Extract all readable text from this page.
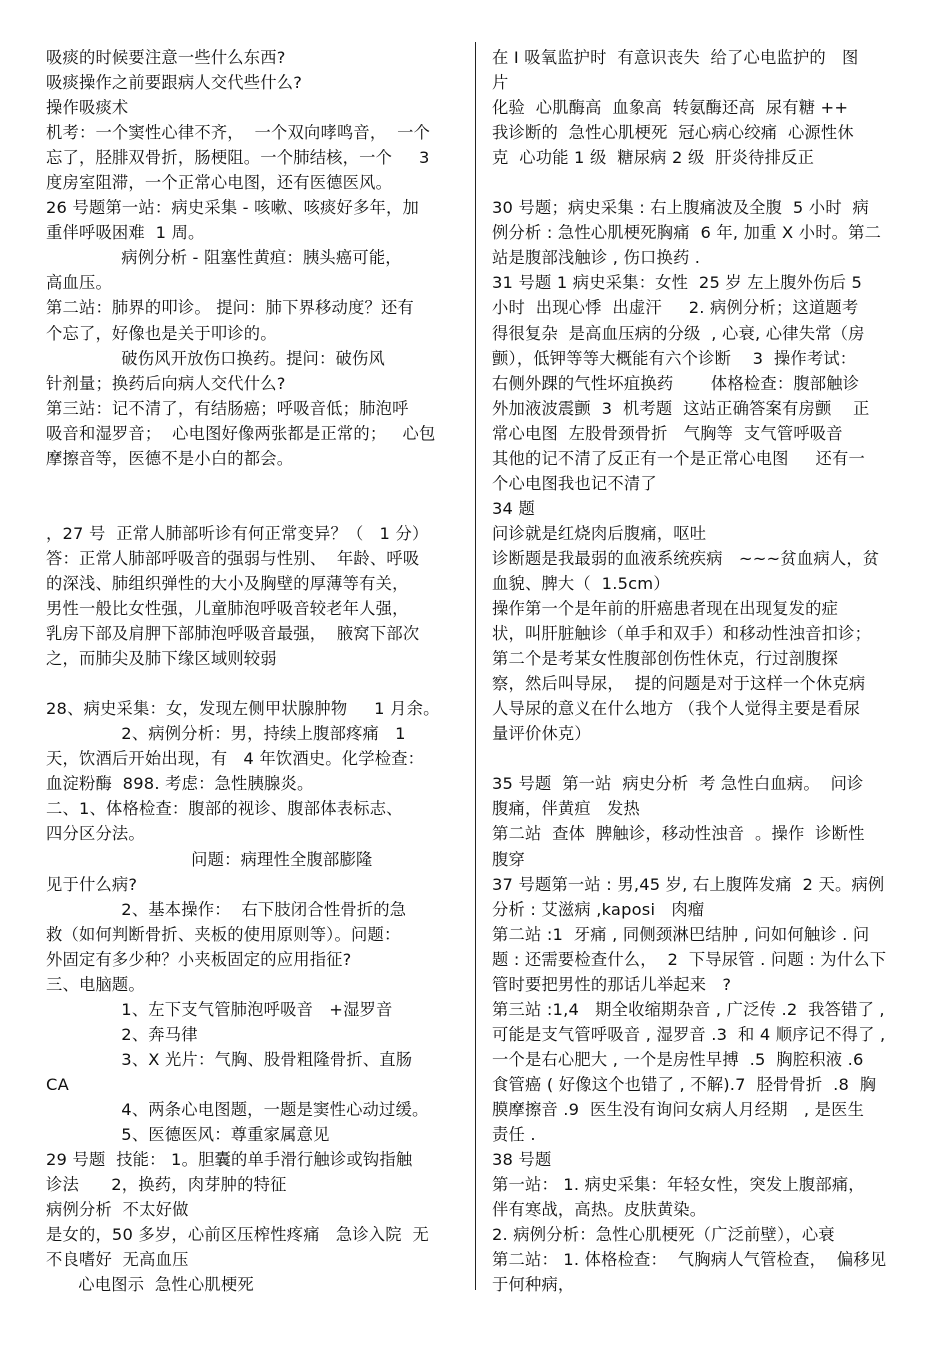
吸痰的时候要注意一些什么东西?
吸痰操作之前要跟病人交代些什么?
操作吸痰术
机考：一个窦性心律不齐，  一个双向哮鸣音，  一个
忘了，胫腓双骨折，肠梗阻。一个肺结核，一个     3
度房室阻滞，一个正常心电图，还有医德医风。
26 号题第一站：病史采集 - 咳嗽、咳痰好多年，加
重伴呼吸困难  1 周。
病例分析 - 阻塞性黄疸：胰头癌可能，
高血压。
第二站：肺界的叩诊。 提问：肺下界移动度？还有
个忘了，好像也是关于叩诊的。
破伤风开放伤口换药。提问：破伤风
针剂量；换药后向病人交代什么?
第三站：记不清了，有结肠癌；呼吸音低；肺泡呼
吸音和湿罗音；  心电图好像两张都是正常的；   心包
摩擦音等，医德不是小白的都会。
，27 号  正常人肺部听诊有何正常变异？（   1 分）
答：正常人肺部呼吸音的强弱与性别、  年龄、呼吸
的深浅、肺组织弹性的大小及胸壁的厚薄等有关，
男性一般比女性强，儿童肺泡呼吸音较老年人强，
乳房下部及肩胛下部肺泡呼吸音最强，  腋窝下部次
之，而肺尖及肺下缘区域则较弱
28、病史采集：女，发现左侧甲状腺肿物     1 月余。
2、病例分析：男，持续上腹部疼痛   1
天，饮酒后开始出现，有   4 年饮酒史。化学检查：
血淀粉酶  898. 考虑：急性胰腺炎。
二、1、体格检查：腹部的视诊、腹部体表标志、
四分区分法。
问题：病理性全腹部膨隆
见于什么病?
2、基本操作：  右下肢闭合性骨折的急
救（如何判断骨折、夹板的使用原则等）。问题：
外固定有多少种？小夹板固定的应用指征?
三、电脑题。
1、左下支气管肺泡呼吸音   +湿罗音
2、奔马律
3、X 光片：气胸、股骨粗隆骨折、直肠
CA
4、两条心电图题，一题是窦性心动过缓。
5、医德医风：尊重家属意见
29 号题  技能： 1。胆囊的单手滑行触诊或钩指触
诊法      2，换药，肉芽肿的特征
病例分析  不太好做
是女的，50 多岁，心前区压榨性疼痛   急诊入院  无
不良嗜好  无高血压
心电图示  急性心肌梗死
在 I 吸氧监护时  有意识丧失  给了心电监护的   图
片
化验  心肌酶高  血象高  转氨酶还高  尿有糖 ++
我诊断的  急性心肌梗死  冠心病心绞痛  心源性休
克  心功能 1 级  糖尿病 2 级  肝炎待排反正
30 号题；病史采集 : 右上腹痛波及全腹  5 小时  病
例分析 : 急性心肌梗死胸痛  6 年, 加重 X 小时。第二
站是腹部浅触诊 , 伤口换药 .
31 号题 1 病史采集：女性  25 岁 左上腹外伤后 5
小时  出现心悸  出虚汗     2. 病例分析；这道题考
得很复杂  是高血压病的分级  , 心衰, 心律失常（房
颤），低钾等等大概能有六个诊断    3  操作考试：
右侧外踝的气性坏疽换药       体格检查：腹部触诊
外加液波震颤  3  机考题  这站正确答案有房颤    正
常心电图  左股骨颈骨折   气胸等  支气管呼吸音
其他的记不清了反正有一个是正常心电图     还有一
个心电图我也记不清了
34 题
问诊就是红烧肉后腹痛，呕吐
诊断题是我最弱的血液系统疾病   ~~~贫血病人，贫
血貌、脾大（  1.5cm）
操作第一个是年前的肝癌患者现在出现复发的症
状，叫肝脏触诊（单手和双手）和移动性浊音扣诊；
第二个是考某女性腹部创伤性休克，行过剖腹探
察，然后叫导尿，  提的问题是对于这样一个休克病
人导尿的意义在什么地方 （我个人觉得主要是看尿
量评价休克）
35 号题  第一站  病史分析  考 急性白血病。  问诊
腹痛，伴黄疸   发热
第二站  查体  脾触诊，移动性浊音  。操作  诊断性
腹穿
37 号题第一站 : 男,45 岁, 右上腹阵发痛  2 天。病例
分析 : 艾滋病 ,kaposi   肉瘤
第二站 :1  牙痛 , 同侧颈淋巴结肿 , 问如何触诊 . 问
题 : 还需要检查什么，  2  下导尿管 . 问题 : 为什么下
管时要把男性的那话儿举起来   ?
第三站 :1,4   期全收缩期杂音 , 广泛传 .2  我答错了 ,
可能是支气管呼吸音 , 湿罗音 .3  和 4 顺序记不得了 ,
一个是右心肥大 , 一个是房性早搏  .5  胸腔积液 .6
食管癌 ( 好像这个也错了 , 不解).7  胫骨骨折  .8  胸
膜摩擦音 .9  医生没有询问女病人月经期   , 是医生
责任 .
38 号题
第一站： 1. 病史采集：年轻女性，突发上腹部痛，
伴有寒战，高热。皮肤黄染。
2. 病例分析：急性心肌梗死（广泛前壁），心衰
第二站： 1. 体格检查：  气胸病人气管检查，  偏移见
于何种病，
